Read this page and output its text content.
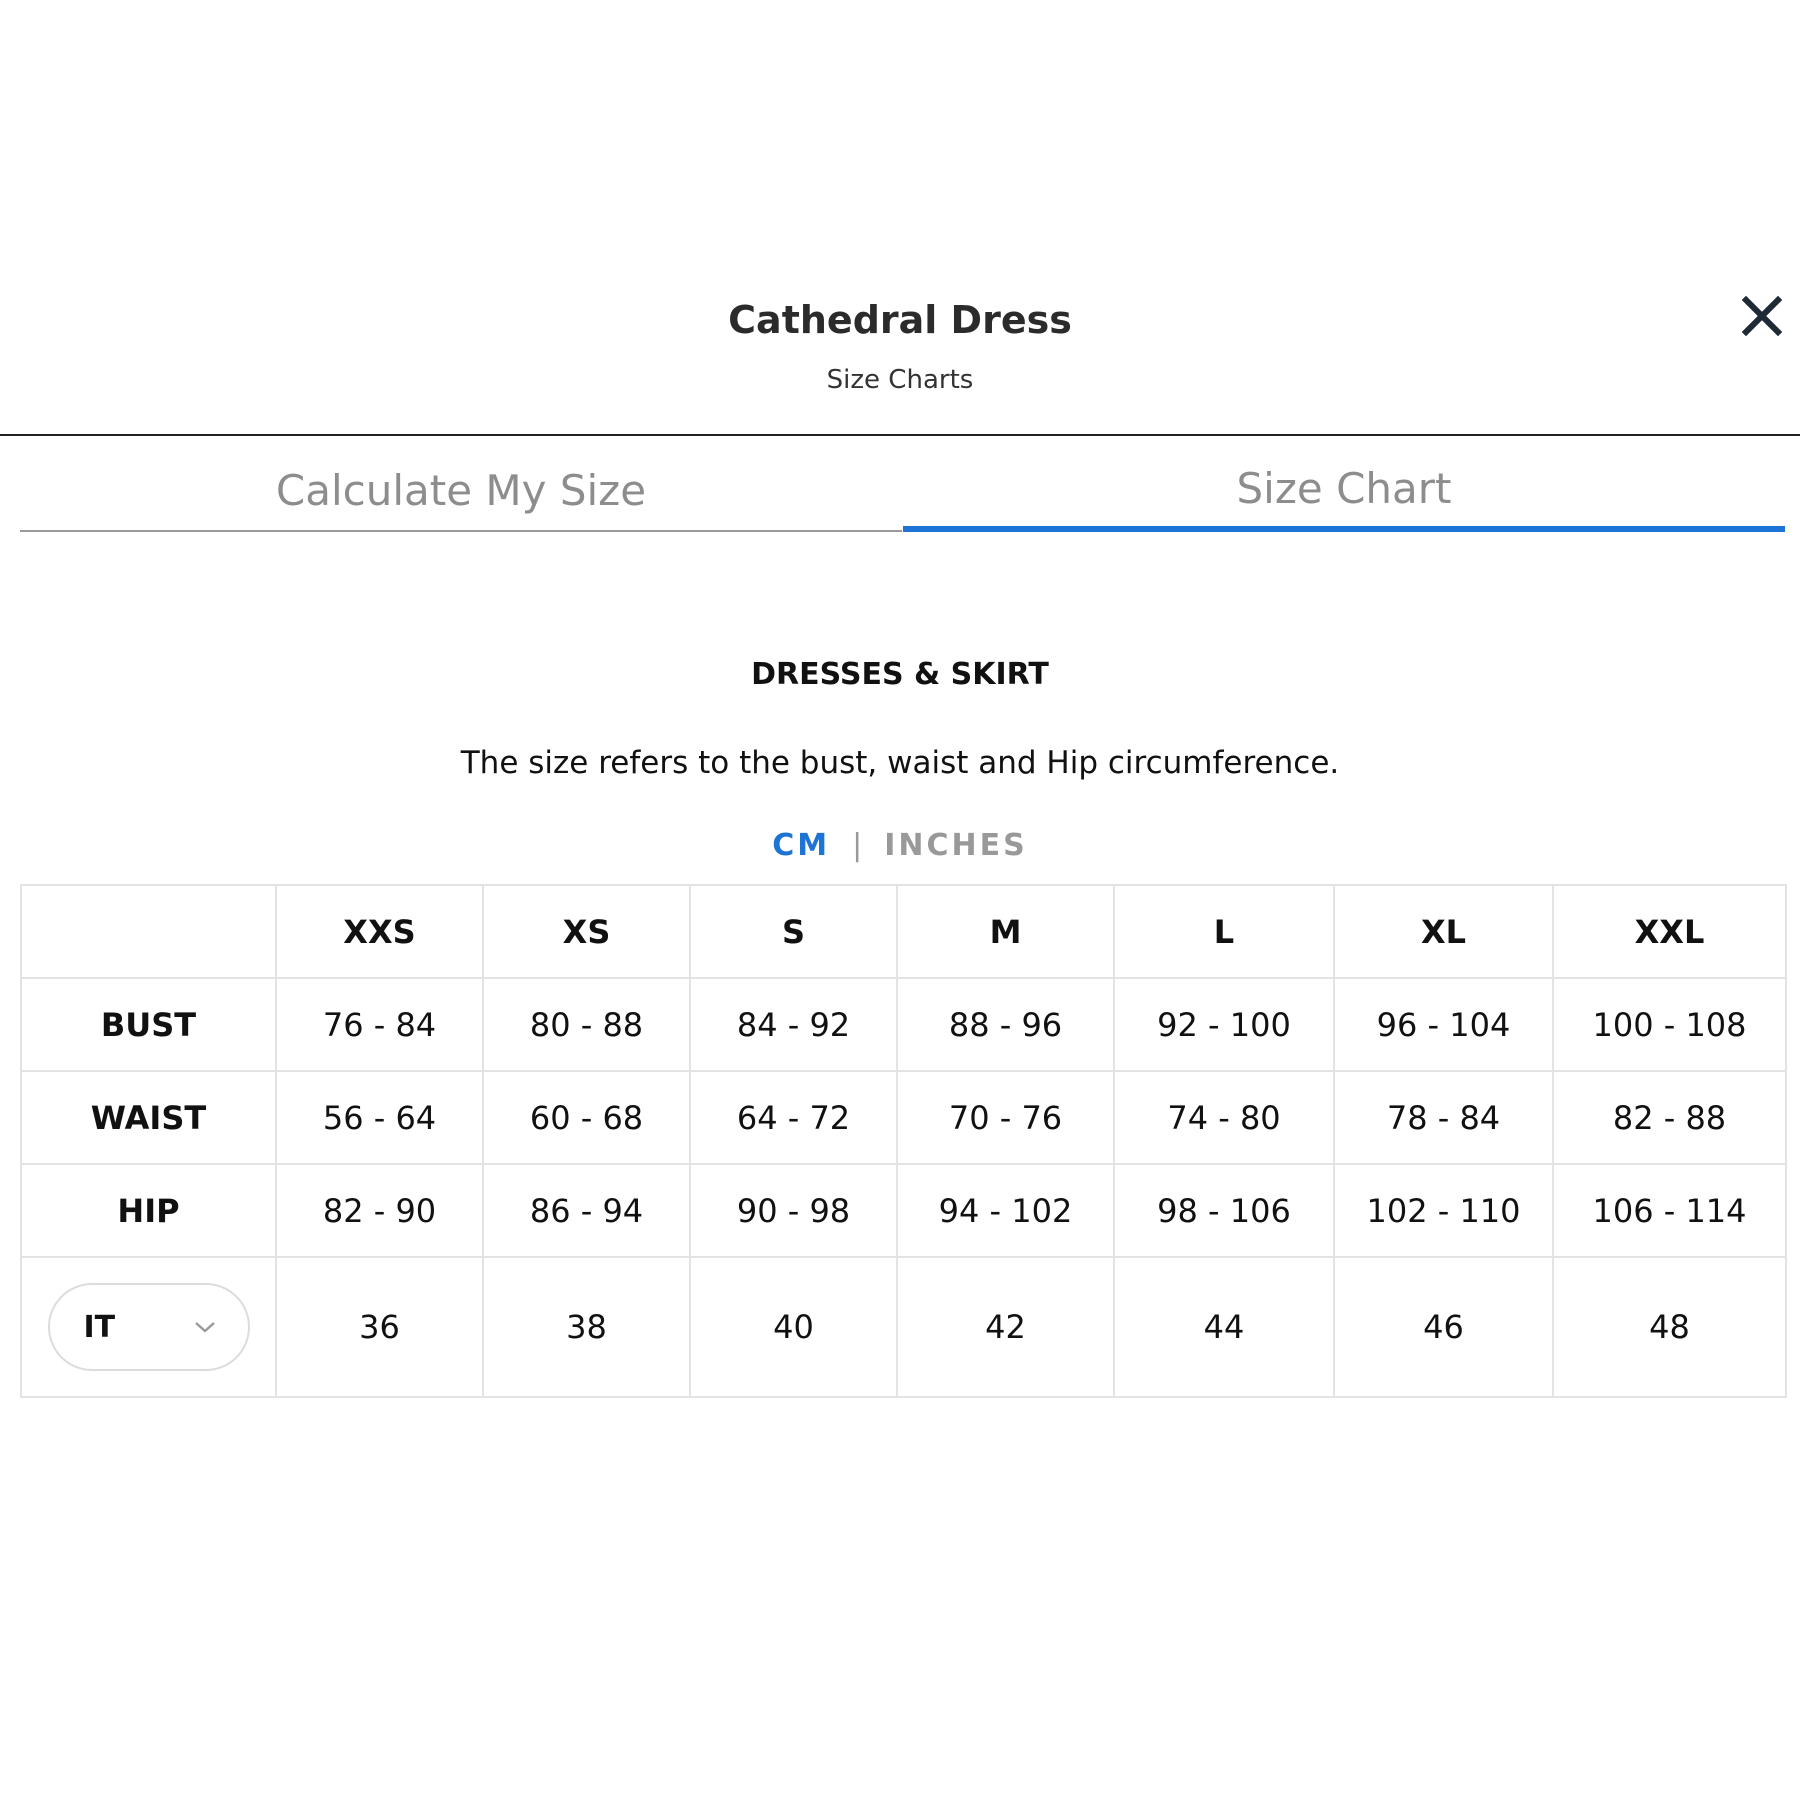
Cathedral Dress
Size Charts
Calculate My Size	Size Chart
DRESSES & SKIRT
The size refers to the bust, waist and Hip circumference.
CM | INCHES
	XXS	XS	S	M	L	XL	XXL
BUST	76 - 84	80 - 88	84 - 92	88 - 96	92 - 100	96 - 104	100 - 108
WAIST	56 - 64	60 - 68	64 - 72	70 - 76	74 - 80	78 - 84	82 - 88
HIP	82 - 90	86 - 94	90 - 98	94 - 102	98 - 106	102 - 110	106 - 114

IT	36	38	40	42	44	46	48
